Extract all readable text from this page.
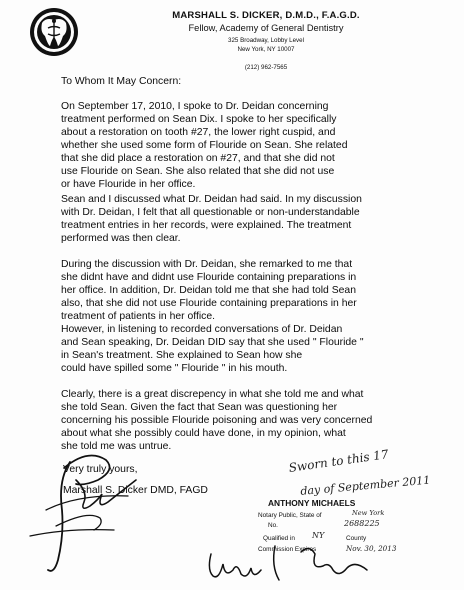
MARSHALL S. DICKER, D.M.D., F.A.G.D.
Fellow, Academy of General Dentistry
325 Broadway, Lobby Level
New York, NY 10007
(212) 962-7565
To Whom It May Concern:
On September 17, 2010, I spoke to Dr. Deidan concerning
treatment performed on Sean Dix. I spoke to her specifically
about a restoration on tooth #27, the lower right cuspid, and
whether she used some form of Flouride on Sean. She related
that she did place a restoration on #27, and that she did not
use Flouride on Sean. She also related that she did not use
or have Flouride in her office.
Sean and I discussed what Dr. Deidan had said. In my discussion
with Dr. Deidan, I felt that all questionable or non-understandable
treatment entries in her records, were explained. The treatment
performed was then clear.
During the discussion with Dr. Deidan, she remarked to me that
she didnt have and didnt use Flouride containing preparations in
her office. In addition, Dr. Deidan told me that she had told Sean
also, that she did not use Flouride containing preparations in her
treatment of patients in her office.
However, in listening to recorded conversations of Dr. Deidan
and Sean speaking, Dr. Deidan DID say that she used " Flouride "
in Sean's treatment. She explained to Sean how she
could have spilled some " Flouride " in his mouth.
Clearly, there is a great discrepency in what she told me and what
she told Sean. Given the fact that Sean was questioning her
concerning his possible Flouride poisoning and was very concerned
about what she possibly could have done, in my opinion, what
she told me was untrue.
Very truly yours,
Marshall S. Dicker DMD, FAGD
Sworn to this 17
day of September 2011
ANTHONY MICHAELS
Notary Public, State of	New York
No.	2688225
Qualified in NY	County
Commission Expires	Nov. 30, 2013
